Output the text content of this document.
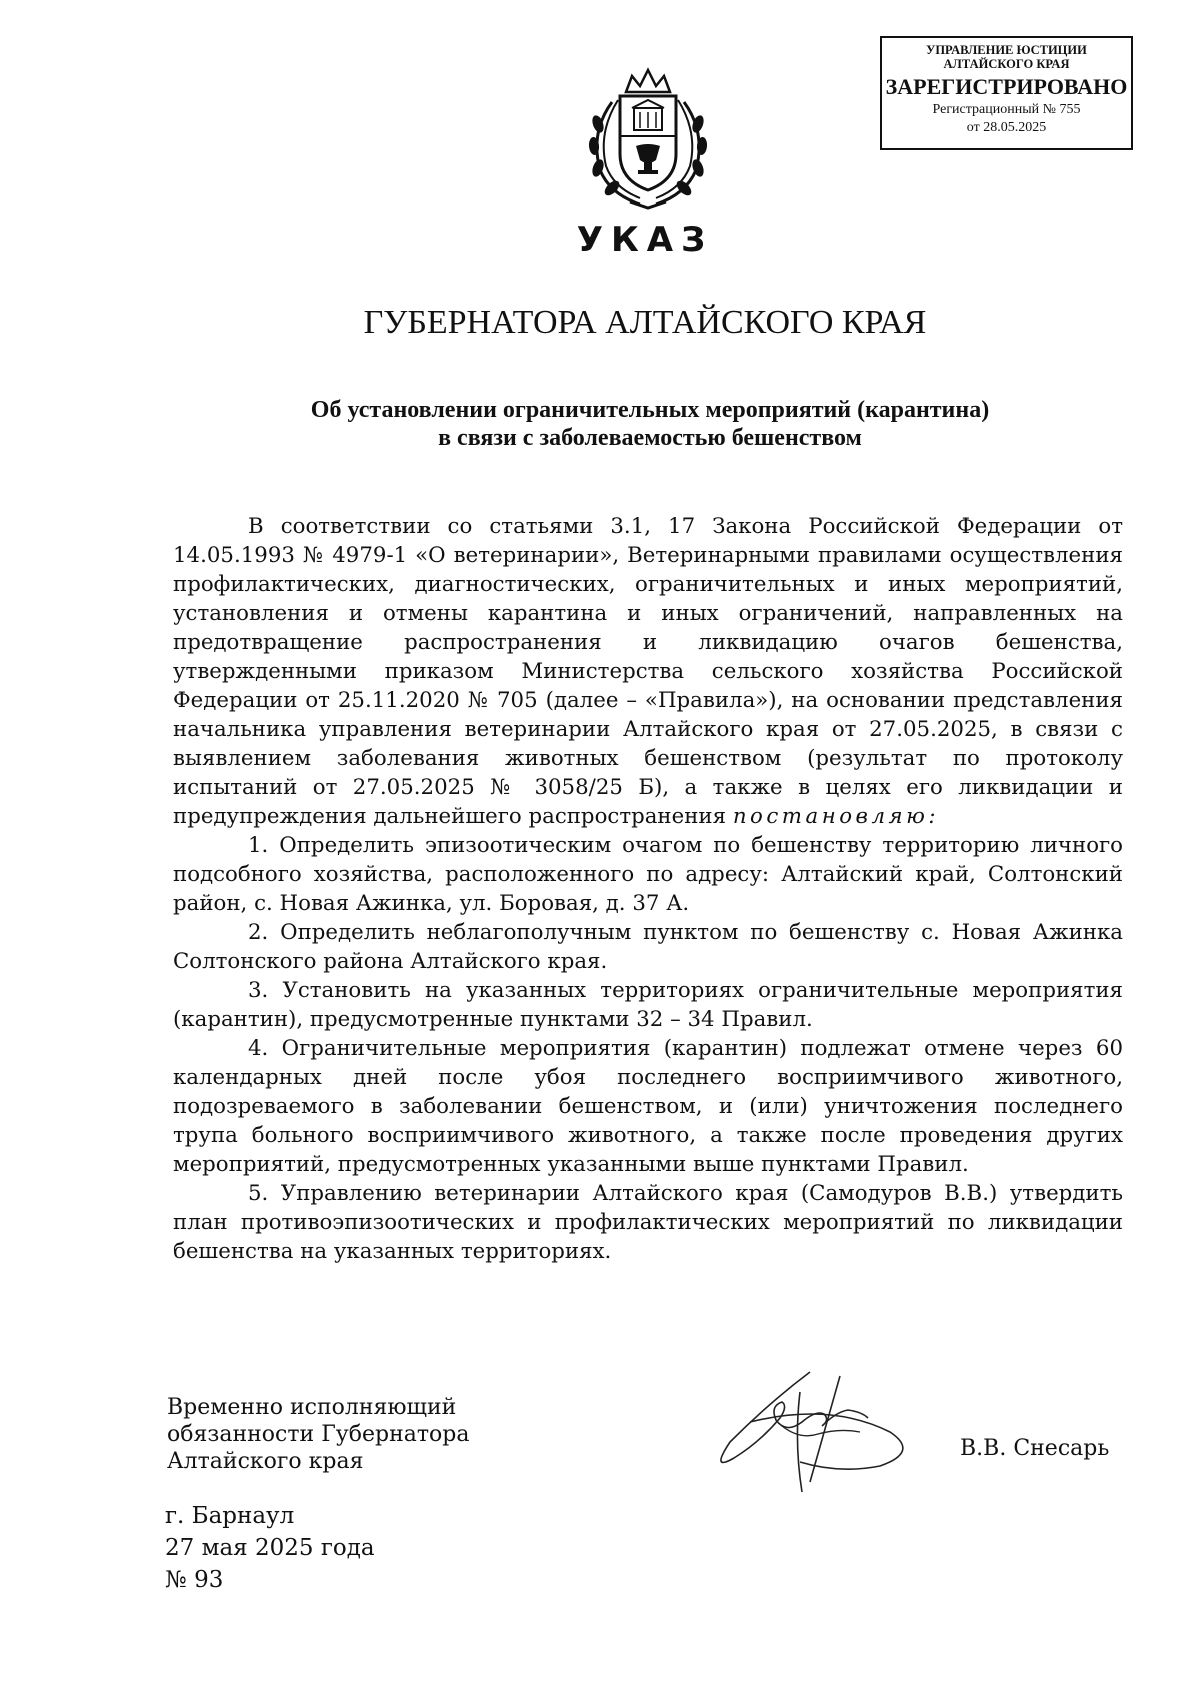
УПРАВЛЕНИЕ ЮСТИЦИИ АЛТАЙСКОГО КРАЯ
ЗАРЕГИСТРИРОВАНО
Регистрационный № 755
от 28.05.2025
УКАЗ
ГУБЕРНАТОРА АЛТАЙСКОГО КРАЯ
Об установлении ограничительных мероприятий (карантина)
в связи с заболеваемостью бешенством

В соответствии со статьями 3.1, 17 Закона Российской Федерации от 14.05.1993 № 4979-1 «О ветеринарии», Ветеринарными правилами осуществления профилактических, диагностических, ограничительных и иных мероприятий, установления и отмены карантина и иных ограничений, направленных на предотвращение распространения и ликвидацию очагов бешенства, утвержденными приказом Министерства сельского хозяйства Российской Федерации от 25.11.2020 № 705 (далее – «Правила»), на основании представления начальника управления ветеринарии Алтайского края от 27.05.2025, в связи с выявлением заболевания животных бешенством (результат по протоколу испытаний от 27.05.2025 № 3058/25 Б), а также в целях его ликвидации и предупреждения дальнейшего распространения постановляю:

1. Определить эпизоотическим очагом по бешенству территорию личного подсобного хозяйства, расположенного по адресу: Алтайский край, Солтонский район, с. Новая Ажинка, ул. Боровая, д. 37 А.

2. Определить неблагополучным пунктом по бешенству с. Новая Ажинка Солтонского района Алтайского края.

3. Установить на указанных территориях ограничительные мероприятия (карантин), предусмотренные пунктами 32 – 34 Правил.

4. Ограничительные мероприятия (карантин) подлежат отмене через 60 календарных дней после убоя последнего восприимчивого животного, подозреваемого в заболевании бешенством, и (или) уничтожения последнего трупа больного восприимчивого животного, а также после проведения других мероприятий, предусмотренных указанными выше пунктами Правил.

5. Управлению ветеринарии Алтайского края (Самодуров В.В.) утвердить план противоэпизоотических и профилактических мероприятий по ликвидации бешенства на указанных территориях.

Временно исполняющий
обязанности Губернатора
Алтайского края
В.В. Снесарь
г. Барнаул
27 мая 2025 года
№ 93
